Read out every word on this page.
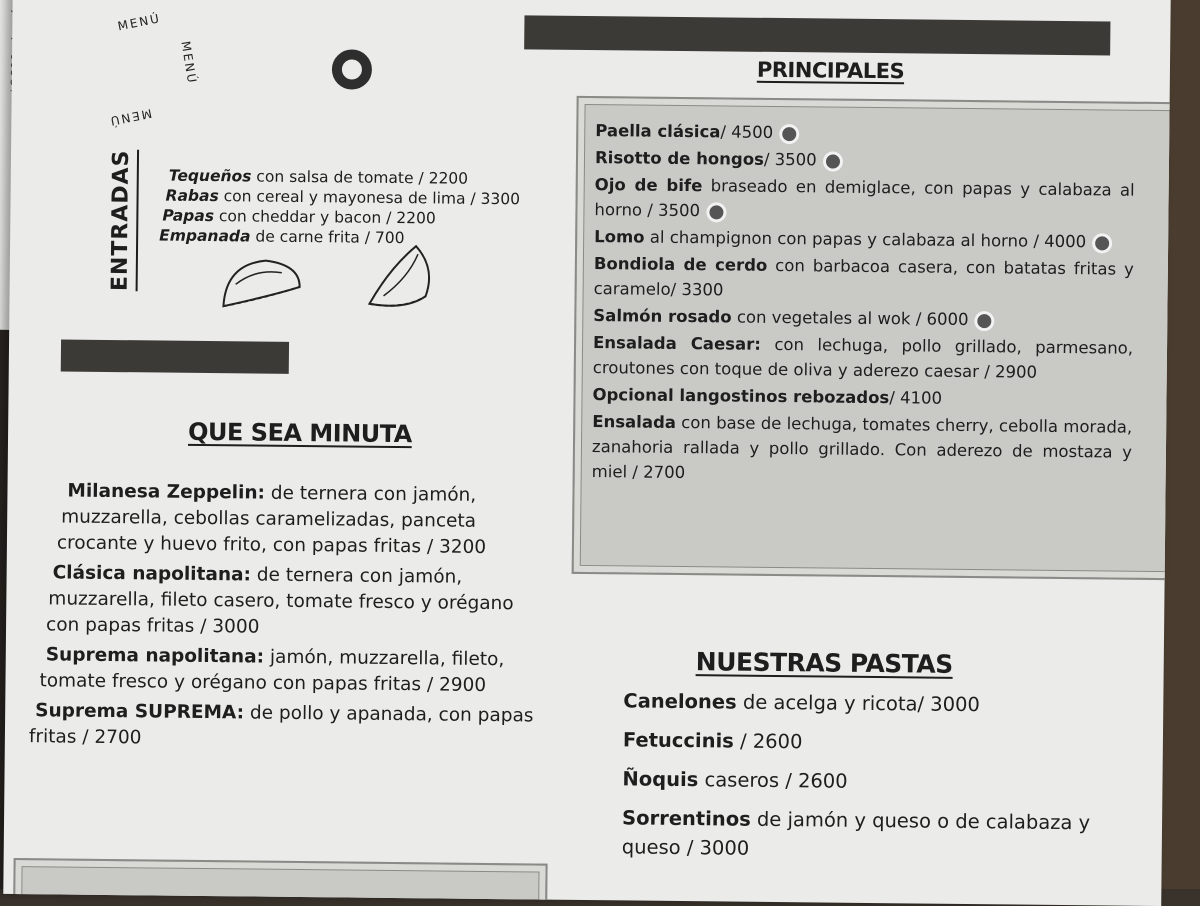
MENÚ
MENÚ
MENÚ
ENTRADAS Tequeños con salsa de tomate / 2200
Rabas con cereal y mayonesa de lima / 3300
Papas con cheddar y bacon / 2200
Empanada de carne frita / 700
QUE SEA MINUTA

Milanesa Zeppelin: de ternera con jamón,

muzzarella, cebollas caramelizadas, panceta

crocante y huevo frito, con papas fritas / 3200

Clásica napolitana: de ternera con jamón,

muzzarella, fileto casero, tomate fresco y orégano

con papas fritas / 3000

Suprema napolitana: jamón, muzzarella, fileto,

tomate fresco y orégano con papas fritas / 2900

Suprema SUPREMA: de pollo y apanada, con papas

fritas / 2700

PRINCIPALES

Paella clásica/ 4500

Risotto de hongos/ 3500

Ojo de bife braseado en demiglace, con papas y calabaza al horno / 3500

Lomo al champignon con papas y calabaza al horno / 4000

Bondiola de cerdo con barbacoa casera, con batatas fritas y caramelo/ 3300

Salmón rosado con vegetales al wok / 6000

Ensalada Caesar: con lechuga, pollo grillado, parmesano, croutones con toque de oliva y aderezo caesar / 2900

Opcional langostinos rebozados/ 4100

Ensalada con base de lechuga, tomates cherry, cebolla morada, zanahoria rallada y pollo grillado. Con aderezo de mostaza y miel / 2700

NUESTRAS PASTAS

Canelones de acelga y ricota/ 3000

Fetuccinis / 2600

Ñoquis caseros / 2600

Sorrentinos de jamón y queso o de calabaza y queso / 3000
